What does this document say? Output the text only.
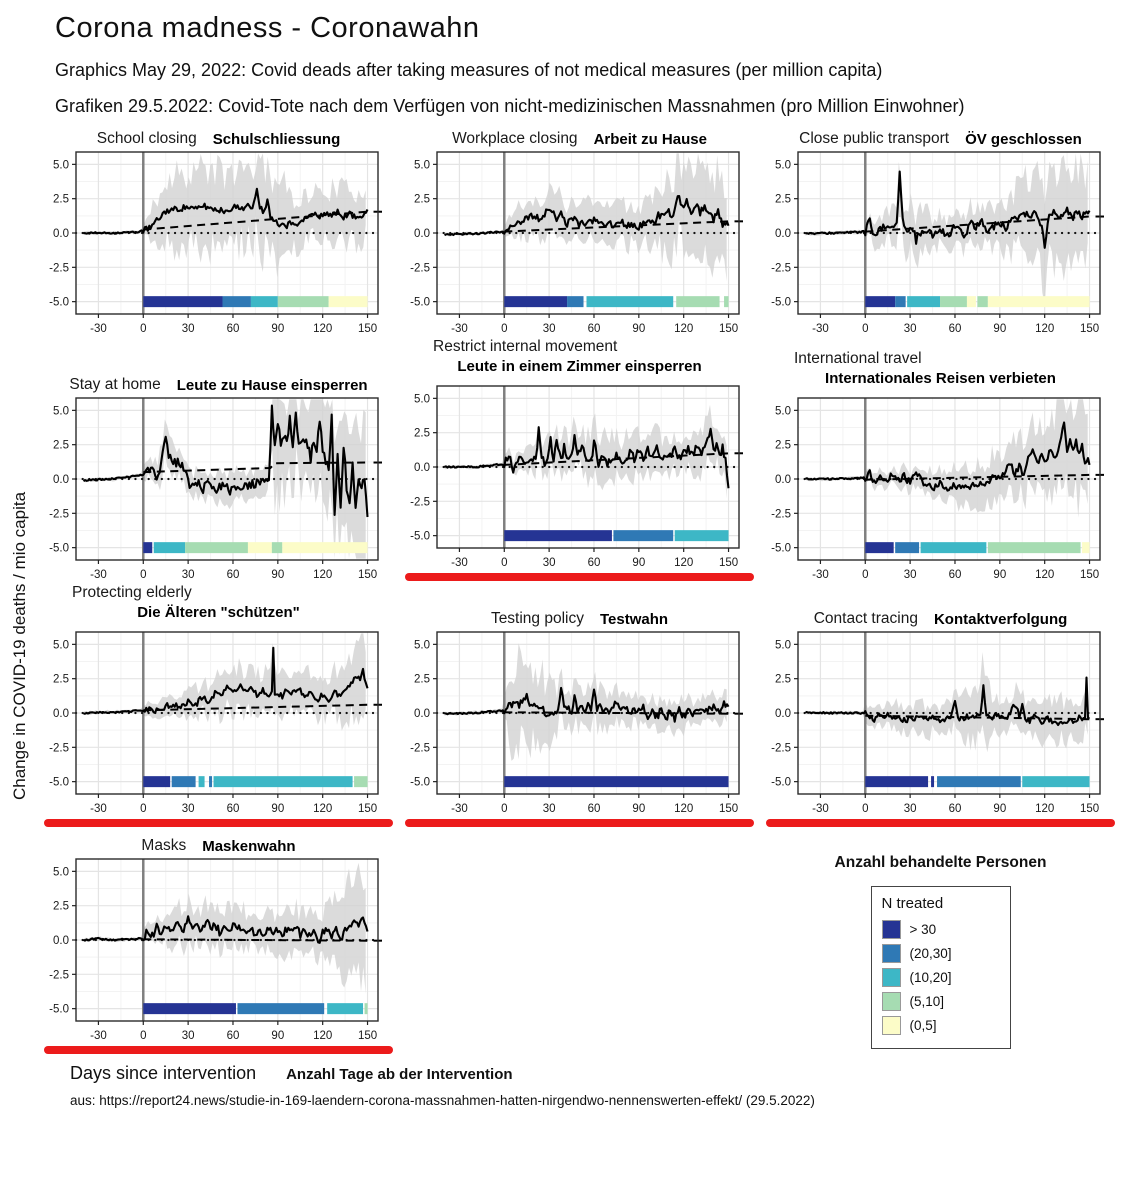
Corona madness - Coronawahn
Graphics May 29, 2022: Covid deads after taking measures of not medical measures (per million capita)
Grafiken 29.5.2022: Covid-Tote nach dem Verfügen von nicht-medizinischen Massnahmen (pro Million Einwohner)
Change in COVID-19 deaths / mio capita
School closing Schulschliessung
-30	0	30	60	90	120 150
5.0
2.5
0.0
-2.5
-5.0
Workplace closing Arbeit zu Hause
-30	0	30	60	90	120 150
5.0
2.5
0.0
-2.5
-5.0
Close public transport ÖV geschlossen
-30	0	30	60	90	120 150
5.0
2.5
0.0
-2.5
-5.0
Stay at home Leute zu Hause einsperren
-30	0	30	60	90	120 150
5.0
2.5
0.0
-2.5
-5.0
Restrict internal movement
Leute in einem Zimmer einsperren
-30	0	30	60	90	120 150
5.0
2.5
0.0
-2.5
-5.0
International travel
Internationales Reisen verbieten
-30	0	30	60	90	120 150
5.0
2.5
0.0
-2.5
-5.0
Protecting elderly
Die Älteren "schützen"
-30	0	30	60	90	120 150
5.0
2.5
0.0
-2.5
-5.0
Testing policy Testwahn
-30	0	30	60	90	120 150
5.0
2.5
0.0
-2.5
-5.0
Contact tracing Kontaktverfolgung
-30	0	30	60	90	120 150
5.0
2.5
0.0
-2.5
-5.0
Masks Maskenwahn
-30	0	30	60	90	120 150
5.0
2.5
0.0
-2.5
-5.0
Anzahl behandelte Personen
N treated
> 30
(20,30]
(10,20]
(5,10]
(0,5]
Days since intervention Anzahl Tage ab der Intervention
aus: https://report24.news/studie-in-169-laendern-corona-massnahmen-hatten-nirgendwo-nennenswerten-effekt/ (29.5.2022)
